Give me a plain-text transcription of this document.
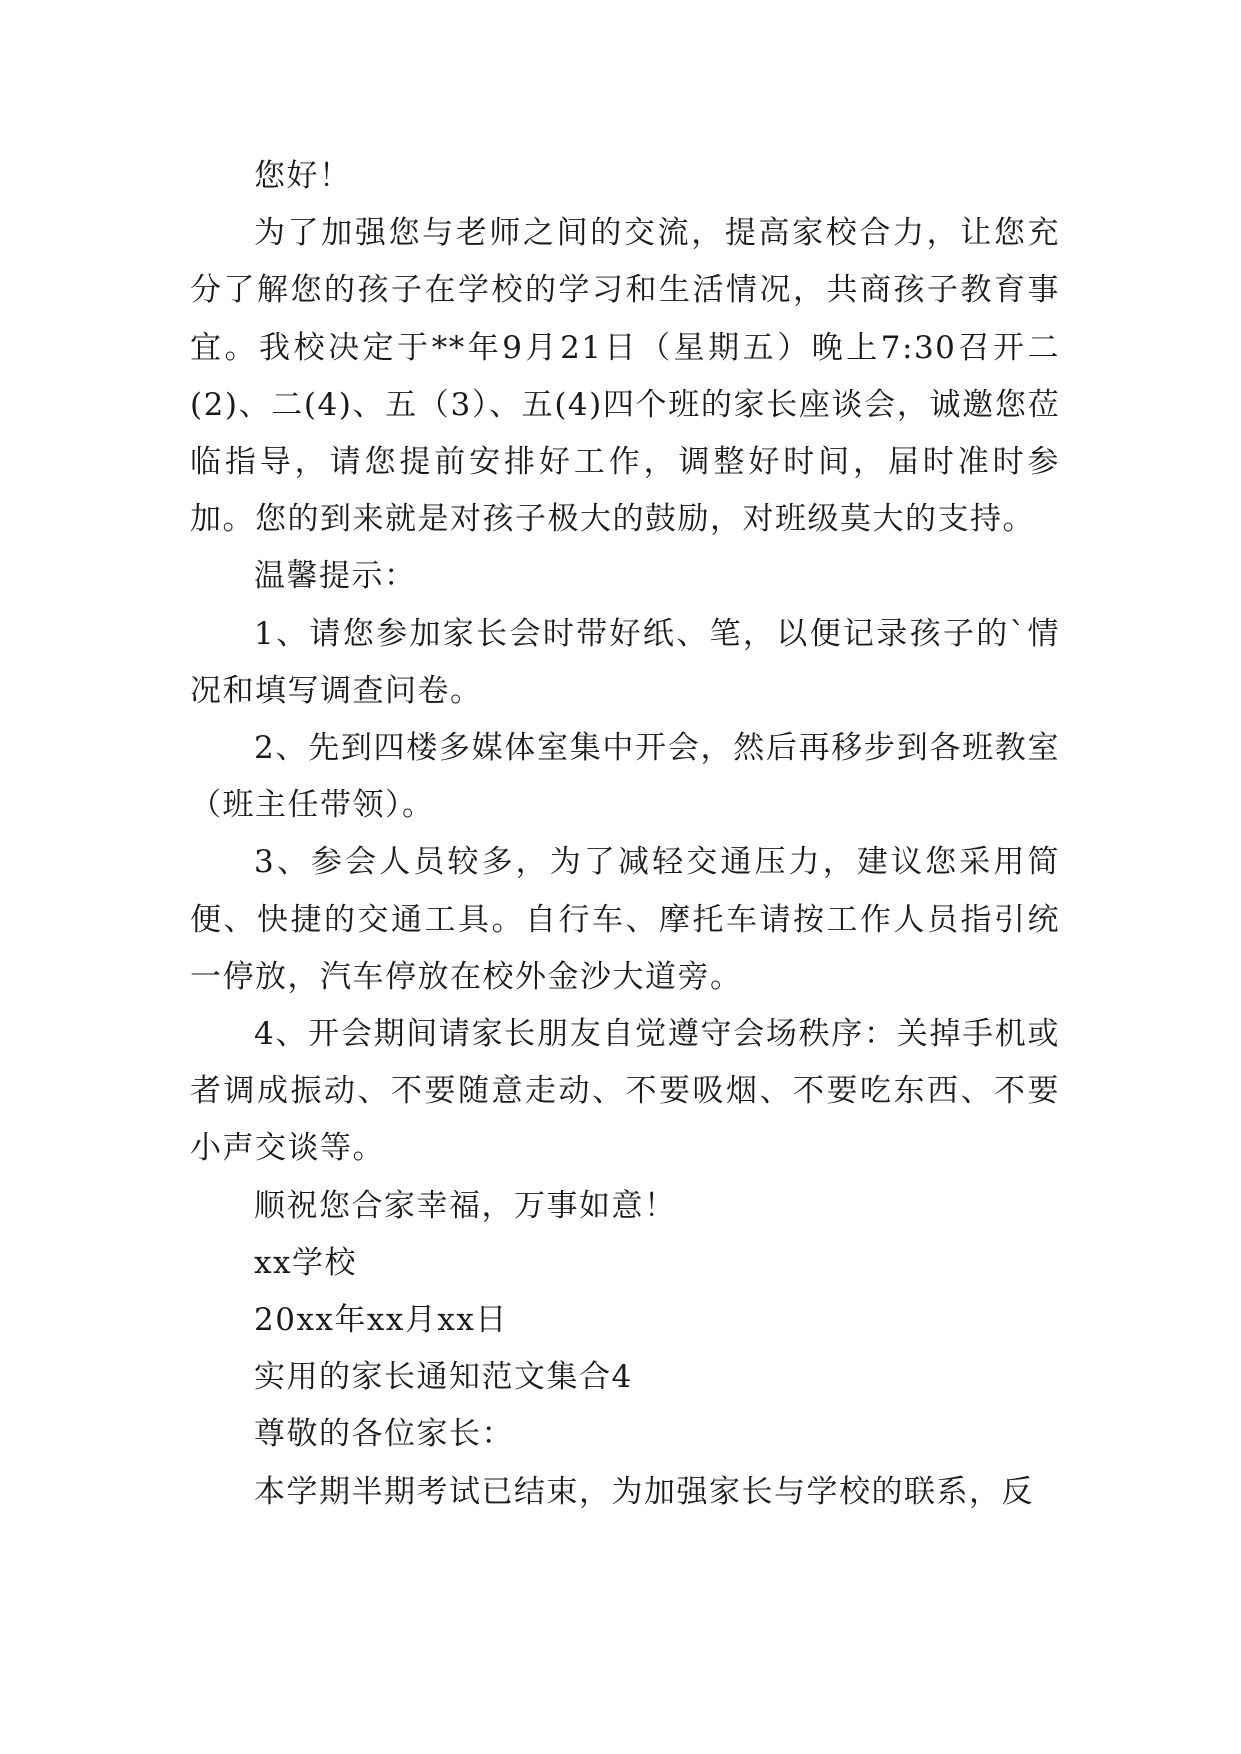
您好！

为了加强您与老师之间的交流，提高家校合力，让您充分了解您的孩子在学校的学习和生活情况，共商孩子教育事宜。我校决定于**年9月21日（星期五）晚上7:30召开二(2)、二(4)、五（3）、五(4)四个班的家长座谈会，诚邀您莅临指导，请您提前安排好工作，调整好时间，届时准时参加。您的到来就是对孩子极大的鼓励，对班级莫大的支持。

温馨提示：

1、请您参加家长会时带好纸、笔，以便记录孩子的`情况和填写调查问卷。

2、先到四楼多媒体室集中开会，然后再移步到各班教室（班主任带领）。

3、参会人员较多，为了减轻交通压力，建议您采用简便、快捷的交通工具。自行车、摩托车请按工作人员指引统一停放，汽车停放在校外金沙大道旁。

4、开会期间请家长朋友自觉遵守会场秩序：关掉手机或者调成振动、不要随意走动、不要吸烟、不要吃东西、不要小声交谈等。

顺祝您合家幸福，万事如意！

xx学校

20xx年xx月xx日

实用的家长通知范文集合4

尊敬的各位家长：

本学期半期考试已结束，为加强家长与学校的联系，反
